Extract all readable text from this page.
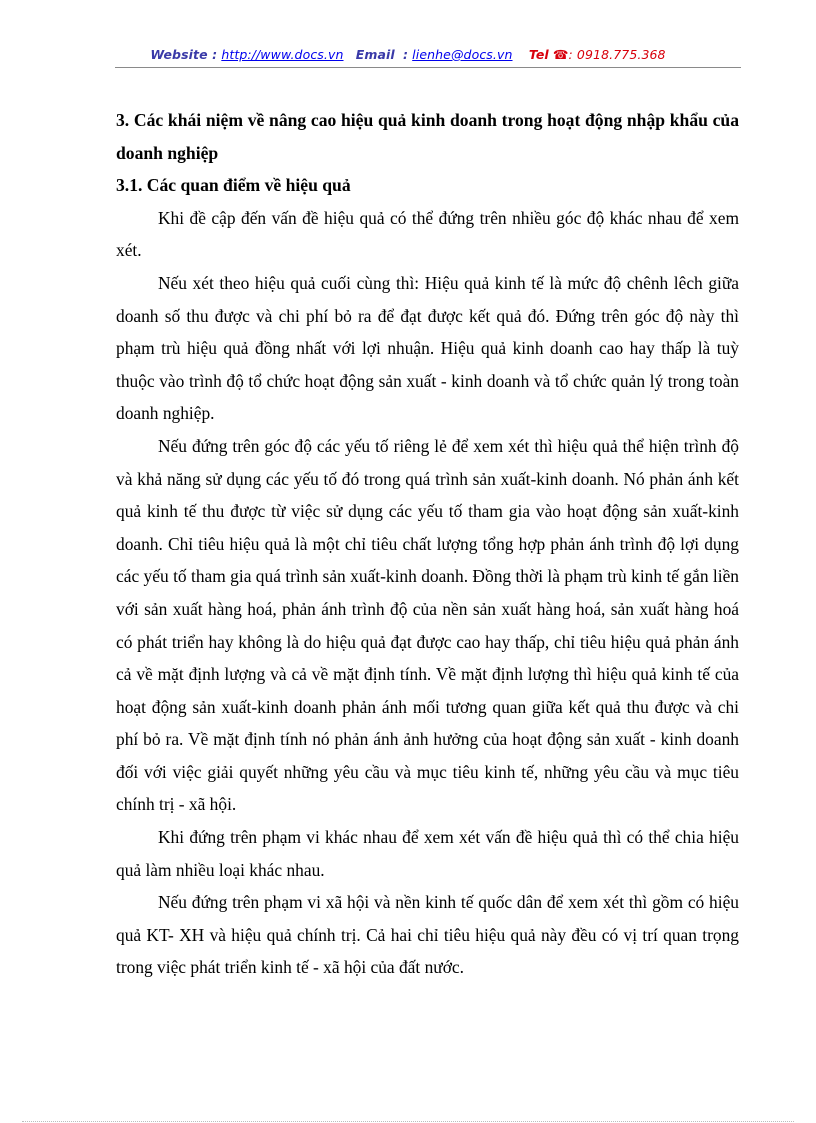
Website : http://www.docs.vn Email : lienhe@docs.vn Tel ☎: 0918.775.368

3. Các khái niệm về nâng cao hiệu quả kinh doanh trong hoạt động nhập khẩu của doanh nghiệp

3.1. Các quan điểm về hiệu quả

Khi đề cập đến vấn đề hiệu quả có thể đứng trên nhiều góc độ khác nhau để xem xét.

Nếu xét theo hiệu quả cuối cùng thì: Hiệu quả kinh tế là mức độ chênh lêch giữa doanh số thu được và chi phí bỏ ra để đạt được kết quả đó. Đứng trên góc độ này thì phạm trù hiệu quả đồng nhất với lợi nhuận. Hiệu quả kinh doanh cao hay thấp là tuỳ thuộc vào trình độ tổ chức hoạt động sản xuất - kinh doanh và tổ chức quản lý trong toàn doanh nghiệp.

Nếu đứng trên góc độ các yếu tố riêng lẻ để xem xét thì hiệu quả thể hiện trình độ và khả năng sử dụng các yếu tố đó trong quá trình sản xuất-kinh doanh. Nó phản ánh kết quả kinh tế thu được từ việc sử dụng các yếu tố tham gia vào hoạt động sản xuất-kinh doanh. Chỉ tiêu hiệu quả là một chỉ tiêu chất lượng tổng hợp phản ánh trình độ lợi dụng các yếu tố tham gia quá trình sản xuất-kinh doanh. Đồng thời là phạm trù kinh tế gắn liền với sản xuất hàng hoá, phản ánh trình độ của nền sản xuất hàng hoá, sản xuất hàng hoá có phát triển hay không là do hiệu quả đạt được cao hay thấp, chỉ tiêu hiệu quả phản ánh cả về mặt định lượng và cả về mặt định tính. Về mặt định lượng thì hiệu quả kinh tế của hoạt động sản xuất-kinh doanh phản ánh mối tương quan giữa kết quả thu được và chi phí bỏ ra. Về mặt định tính nó phản ánh ảnh hưởng của hoạt động sản xuất - kinh doanh đối với việc giải quyết những yêu cầu và mục tiêu kinh tế, những yêu cầu và mục tiêu chính trị - xã hội.

Khi đứng trên phạm vi khác nhau để xem xét vấn đề hiệu quả thì có thể chia hiệu quả làm nhiều loại khác nhau.

Nếu đứng trên phạm vi xã hội và nền kinh tế quốc dân để xem xét thì gồm có hiệu quả KT- XH và hiệu quả chính trị. Cả hai chỉ tiêu hiệu quả này đều có vị trí quan trọng trong việc phát triển kinh tế - xã hội của đất nước.
